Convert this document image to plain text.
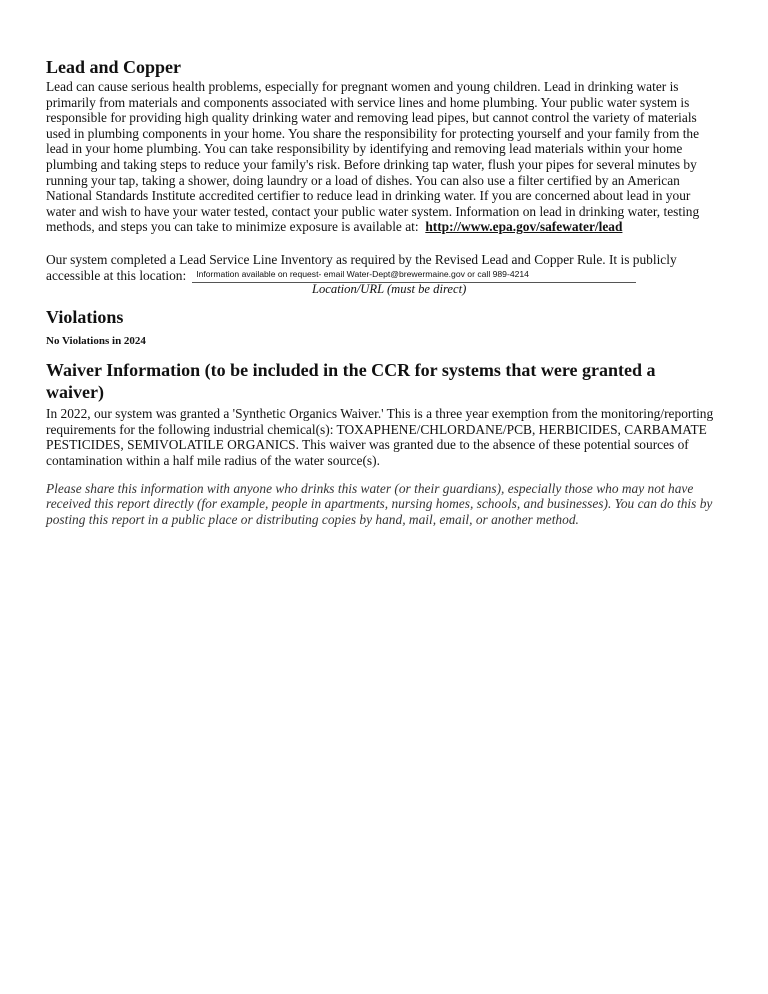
Lead and Copper

Lead can cause serious health problems, especially for pregnant women and young children. Lead in drinking water is primarily from materials and components associated with service lines and home plumbing. Your public water system is responsible for providing high quality drinking water and removing lead pipes, but cannot control the variety of materials used in plumbing components in your home. You share the responsibility for protecting yourself and your family from the lead in your home plumbing. You can take responsibility by identifying and removing lead materials within your home plumbing and taking steps to reduce your family's risk. Before drinking tap water, flush your pipes for several minutes by running your tap, taking a shower, doing laundry or a load of dishes. You can also use a filter certified by an American National Standards Institute accredited certifier to reduce lead in drinking water. If you are concerned about lead in your water and wish to have your water tested, contact your public water system. Information on lead in drinking water, testing methods, and steps you can take to minimize exposure is available at: http://www.epa.gov/safewater/lead

Our system completed a Lead Service Line Inventory as required by the Revised Lead and Copper Rule. It is publicly accessible at this location: Information available on request- email Water-Dept@brewermaine.gov or call 989-4214

Location/URL (must be direct)
Violations

No Violations in 2024

Waiver Information (to be included in the CCR for systems that were granted a waiver)

In 2022, our system was granted a 'Synthetic Organics Waiver.' This is a three year exemption from the monitoring/reporting requirements for the following industrial chemical(s): TOXAPHENE/CHLORDANE/PCB, HERBICIDES, CARBAMATE PESTICIDES, SEMIVOLATILE ORGANICS. This waiver was granted due to the absence of these potential sources of contamination within a half mile radius of the water source(s).

Please share this information with anyone who drinks this water (or their guardians), especially those who may not have received this report directly (for example, people in apartments, nursing homes, schools, and businesses). You can do this by posting this report in a public place or distributing copies by hand, mail, email, or another method.
